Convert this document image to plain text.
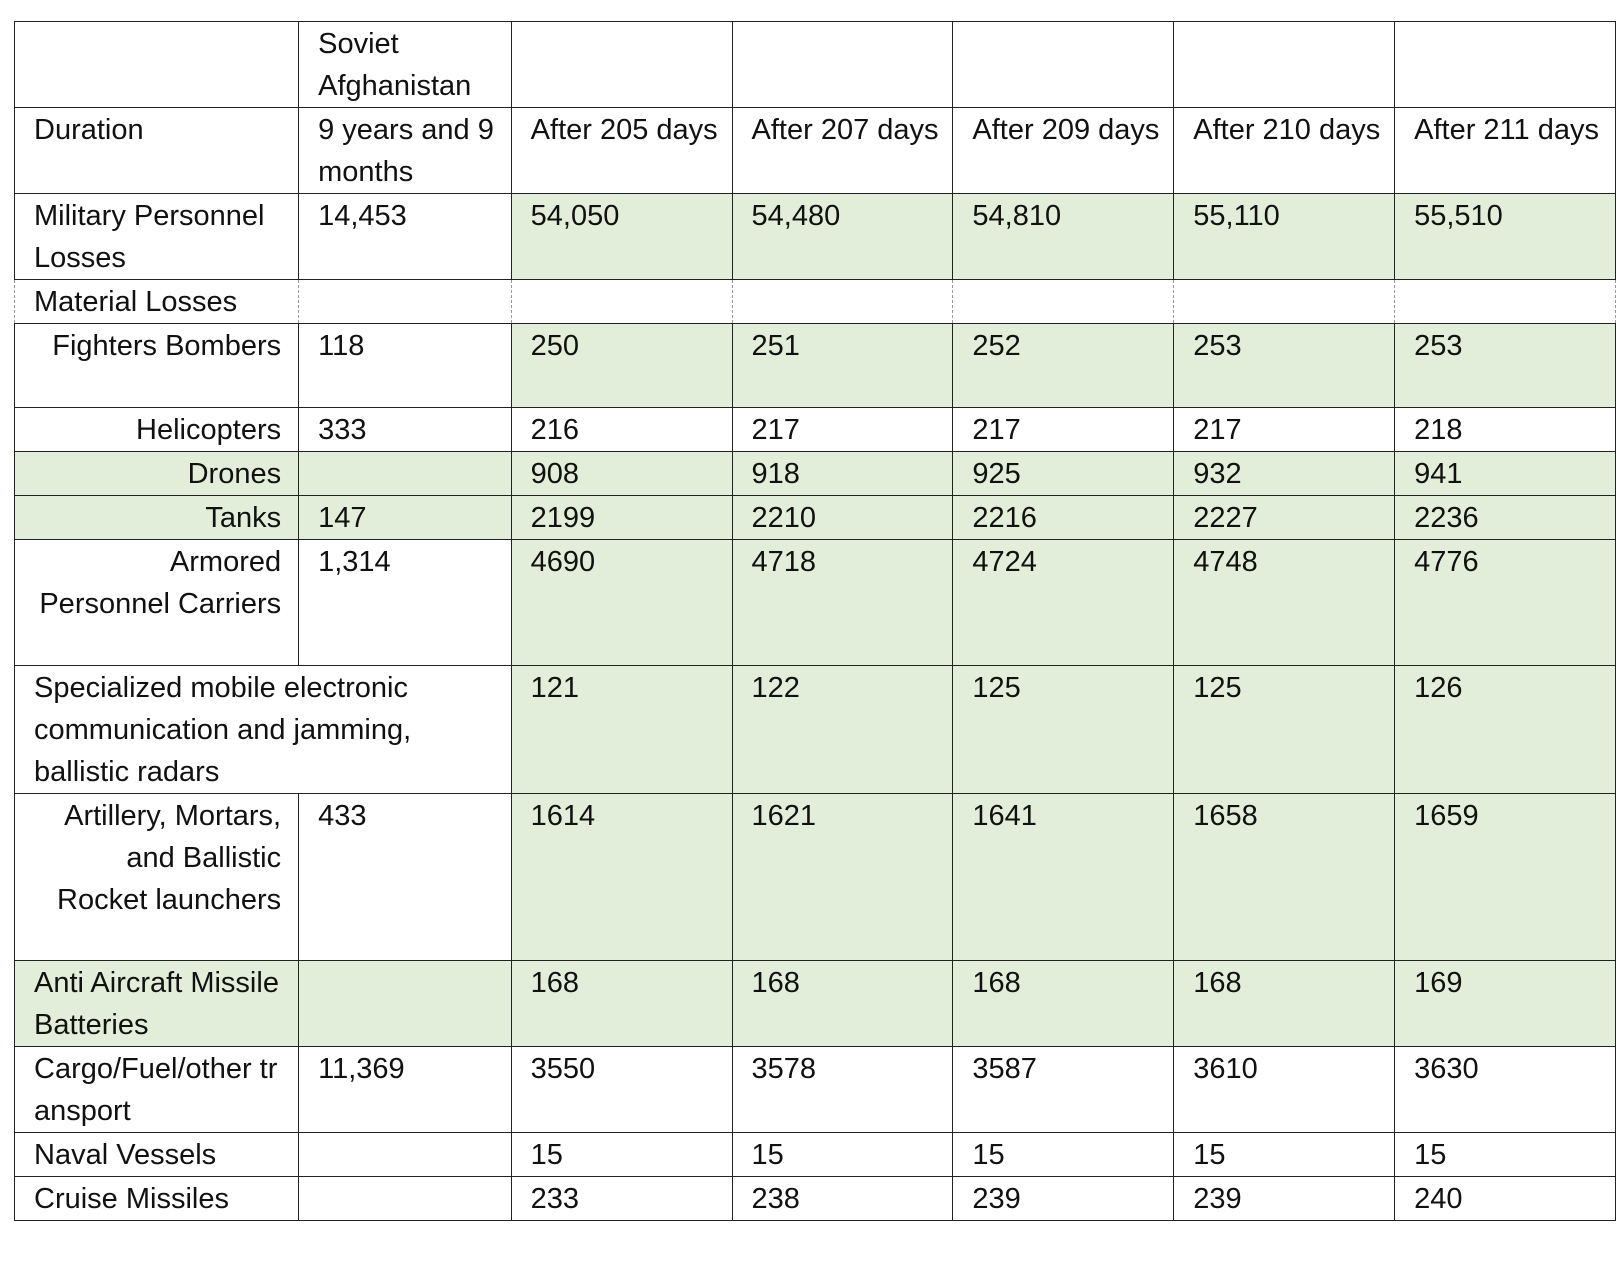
	Soviet Afghanistan					
Duration	9 years and 9 months	After 205 days	After 207 days	After 209 days	After 210 days	After 211 days
Military Personnel Losses	14,453	54,050	54,480	54,810	55,110	55,510
Material Losses						
Fighters Bombers	118	250	251	252	253	253
Helicopters	333	216	217	217	217	218
Drones		908	918	925	932	941
Tanks	147	2199	2210	2216	2227	2236
Armored Personnel Carriers	1,314	4690	4718	4724	4748	4776
Specialized mobile electronic communication and jamming, ballistic radars		121	122	125	125	126
Artillery, Mortars, and Ballistic Rocket launchers	433	1614	1621	1641	1658	1659
Anti Aircraft Missile Batteries		168	168	168	168	169
Cargo/Fuel/other transport	11,369	3550	3578	3587	3610	3630
Naval Vessels		15	15	15	15	15
Cruise Missiles		233	238	239	239	240
